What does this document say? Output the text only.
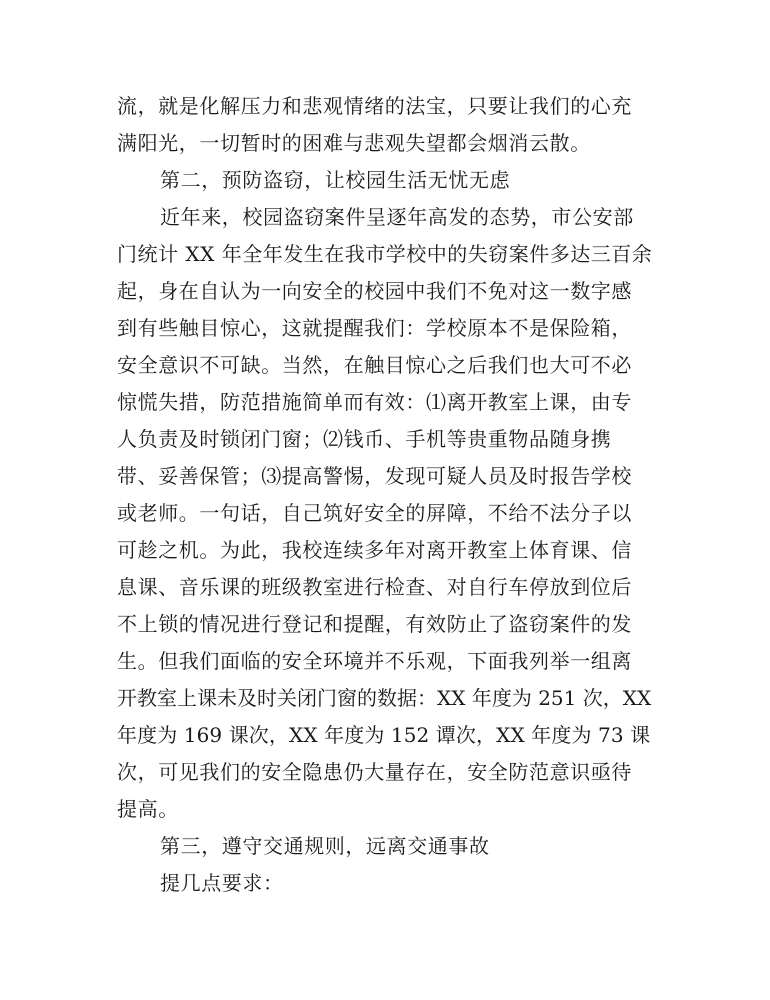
流，就是化解压力和悲观情绪的法宝，只要让我们的心充
满阳光，一切暂时的困难与悲观失望都会烟消云散。
第二，预防盗窃，让校园生活无忧无虑
近年来，校园盗窃案件呈逐年高发的态势，市公安部
门统计 XX 年全年发生在我市学校中的失窃案件多达三百余
起，身在自认为一向安全的校园中我们不免对这一数字感
到有些触目惊心，这就提醒我们：学校原本不是保险箱，
安全意识不可缺。当然，在触目惊心之后我们也大可不必
惊慌失措，防范措施简单而有效：⑴离开教室上课，由专
人负责及时锁闭门窗；⑵钱币、手机等贵重物品随身携
带、妥善保管；⑶提高警惕，发现可疑人员及时报告学校
或老师。一句话，自己筑好安全的屏障，不给不法分子以
可趁之机。为此，我校连续多年对离开教室上体育课、信
息课、音乐课的班级教室进行检查、对自行车停放到位后
不上锁的情况进行登记和提醒，有效防止了盗窃案件的发
生。但我们面临的安全环境并不乐观，下面我列举一组离
开教室上课未及时关闭门窗的数据：XX 年度为 251 次，XX
年度为 169 课次，XX 年度为 152 谭次，XX 年度为 73 课
次，可见我们的安全隐患仍大量存在，安全防范意识亟待
提高。
第三，遵守交通规则，远离交通事故
提几点要求：
